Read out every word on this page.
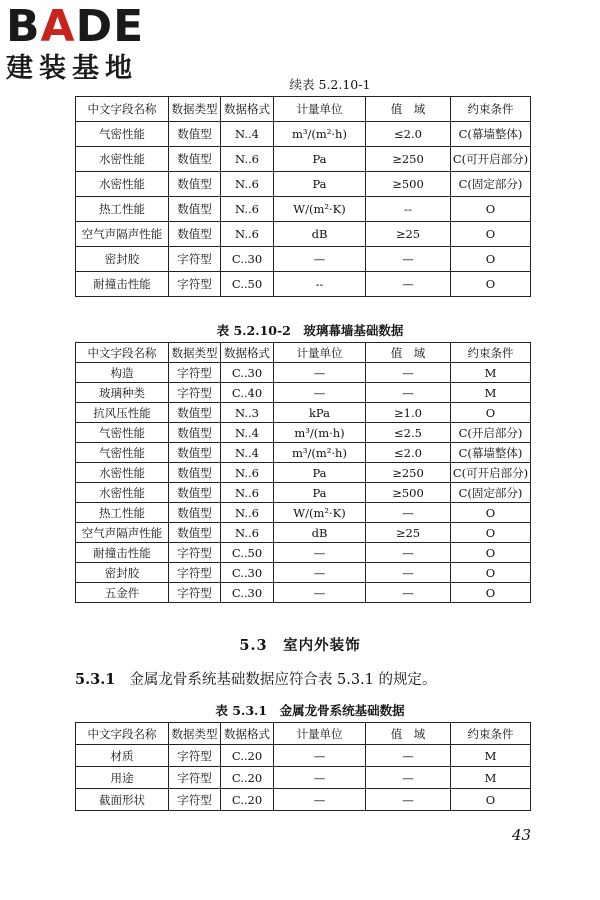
BADE
建装基地
续表 5.2.10-1
中文字段名称	数据类型	数据格式	计量单位	值　域	约束条件
气密性能	数值型	N..4	m³/(m²·h)	≤2.0	C(幕墙整体)
水密性能	数值型	N..6	Pa	≥250	C(可开启部分)
水密性能	数值型	N..6	Pa	≥500	C(固定部分)
热工性能	数值型	N..6	W/(m²·K)	--	O
空气声隔声性能	数值型	N..6	dB	≥25	O
密封胶	字符型	C..30	—	—	O
耐撞击性能	字符型	C..50	--	—	O
表 5.2.10-2　玻璃幕墙基础数据
中文字段名称	数据类型	数据格式	计量单位	值　域	约束条件
构造	字符型	C..30	—	—	M
玻璃种类	字符型	C..40	—	—	M
抗风压性能	数值型	N..3	kPa	≥1.0	O
气密性能	数值型	N..4	m³/(m·h)	≤2.5	C(开启部分)
气密性能	数值型	N..4	m³/(m²·h)	≤2.0	C(幕墙整体)
水密性能	数值型	N..6	Pa	≥250	C(可开启部分)
水密性能	数值型	N..6	Pa	≥500	C(固定部分)
热工性能	数值型	N..6	W/(m²·K)	—	O
空气声隔声性能	数值型	N..6	dB	≥25	O
耐撞击性能	字符型	C..50	—	—	O
密封胶	字符型	C..30	—	—	O
五金件	字符型	C..30	—	—	O
5.3　室内外装饰
5.3.1 金属龙骨系统基础数据应符合表 5.3.1 的规定。
表 5.3.1　金属龙骨系统基础数据
中文字段名称	数据类型	数据格式	计量单位	值　域	约束条件
材质	字符型	C..20	—	—	M
用途	字符型	C..20	—	—	M
截面形状	字符型	C..20	—	—	O
43
